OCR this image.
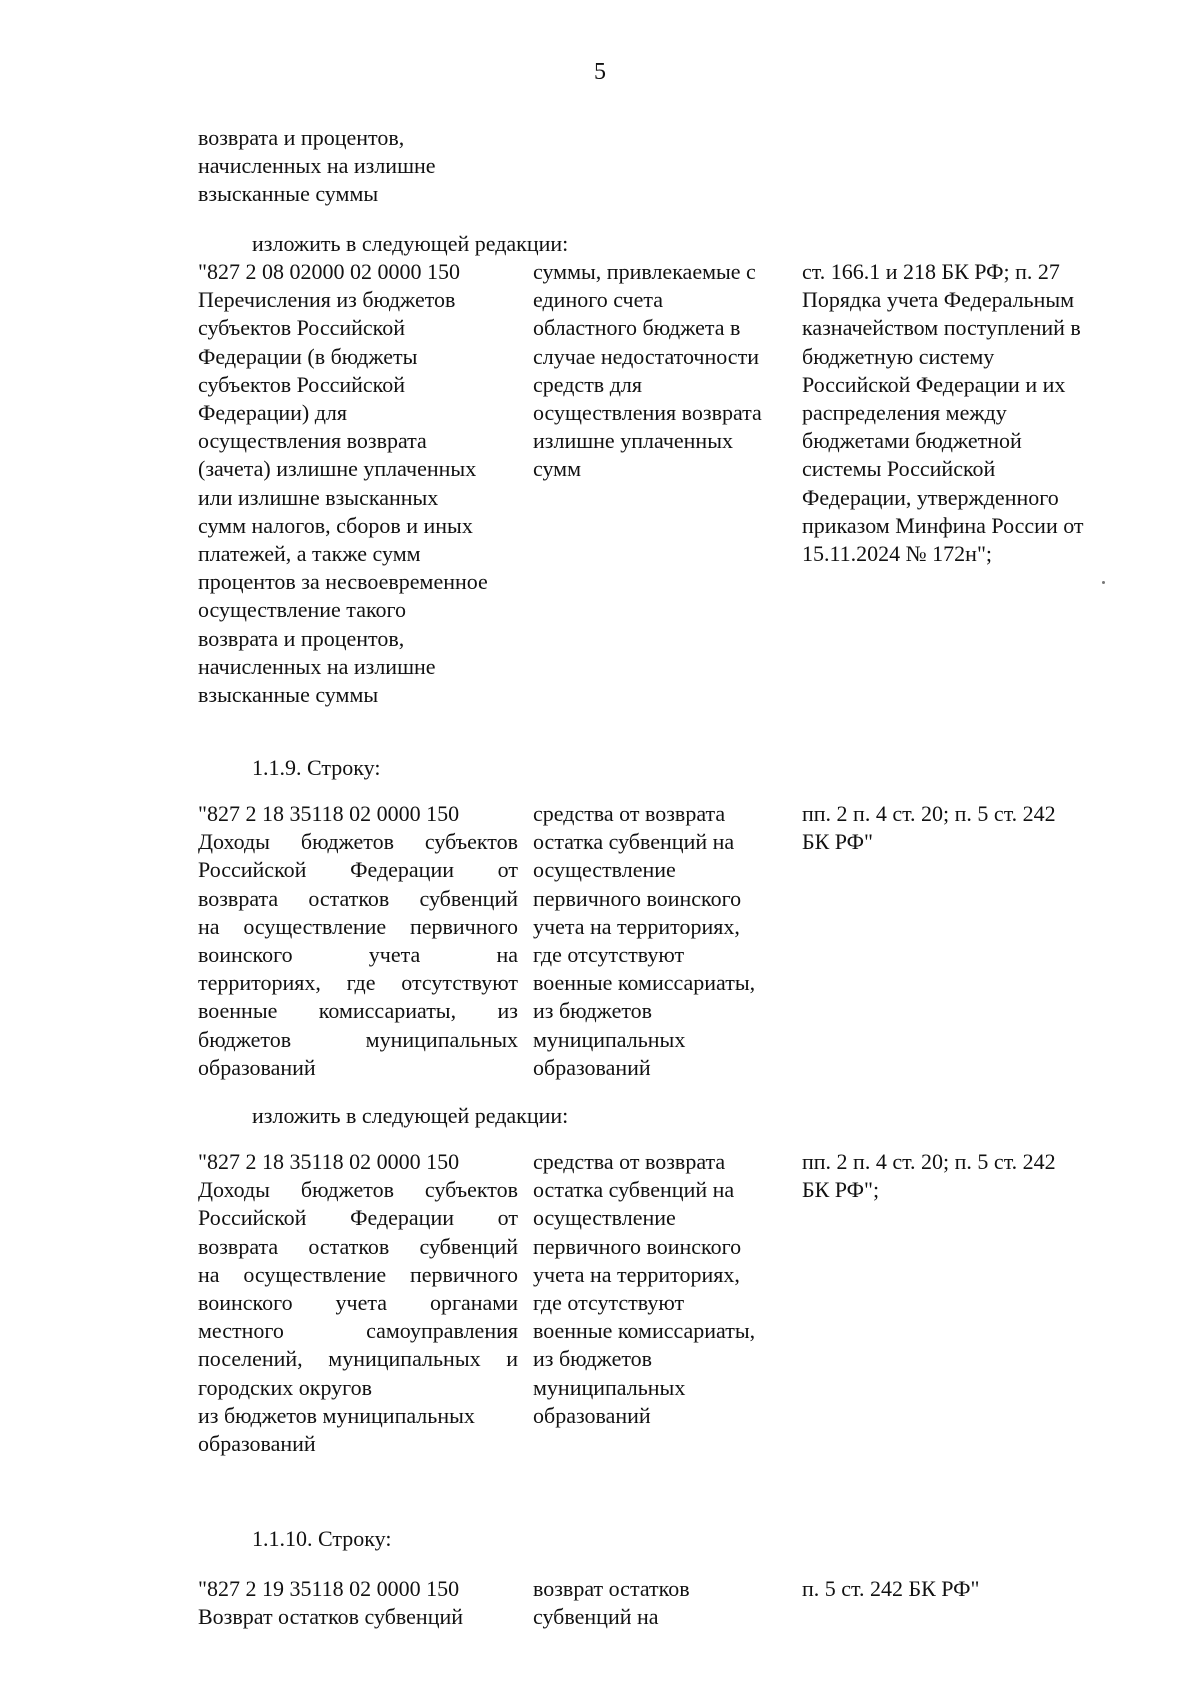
5
возврата и процентов,
начисленных на излишне
взысканные суммы
изложить в следующей редакции:
"827 2 08 02000 02 0000 150
Перечисления из бюджетов
субъектов Российской
Федерации (в бюджеты
субъектов Российской
Федерации) для
осуществления возврата
(зачета) излишне уплаченных
или излишне взысканных
сумм налогов, сборов и иных
платежей, а также сумм
процентов за несвоевременное
осуществление такого
возврата и процентов,
начисленных на излишне
взысканные суммы
суммы, привлекаемые с
единого счета
областного бюджета в
случае недостаточности
средств для
осуществления возврата
излишне уплаченных
сумм
ст. 166.1 и 218 БК РФ; п. 27
Порядка учета Федеральным
казначейством поступлений в
бюджетную систему
Российской Федерации и их
распределения между
бюджетами бюджетной
системы Российской
Федерации, утвержденного
приказом Минфина России от
15.11.2024 № 172н";
1.1.9. Строку:
"827 2 18 35118 02 0000 150
Доходы бюджетов субъектов
Российской Федерации от
возврата остатков субвенций
на осуществление первичного
воинского учета на
территориях, где отсутствуют
военные комиссариаты, из
бюджетов муниципальных
образований
средства от возврата
остатка субвенций на
осуществление
первичного воинского
учета на территориях,
где отсутствуют
военные комиссариаты,
из бюджетов
муниципальных
образований
пп. 2 п. 4 ст. 20; п. 5 ст. 242
БК РФ"
изложить в следующей редакции:
"827 2 18 35118 02 0000 150
Доходы бюджетов субъектов
Российской Федерации от
возврата остатков субвенций
на осуществление первичного
воинского учета органами
местного самоуправления
поселений, муниципальных и
городских округов
из бюджетов муниципальных
образований
средства от возврата
остатка субвенций на
осуществление
первичного воинского
учета на территориях,
где отсутствуют
военные комиссариаты,
из бюджетов
муниципальных
образований
пп. 2 п. 4 ст. 20; п. 5 ст. 242
БК РФ";
1.1.10. Строку:
"827 2 19 35118 02 0000 150
Возврат остатков субвенций
возврат остатков
субвенций на
п. 5 ст. 242 БК РФ"
